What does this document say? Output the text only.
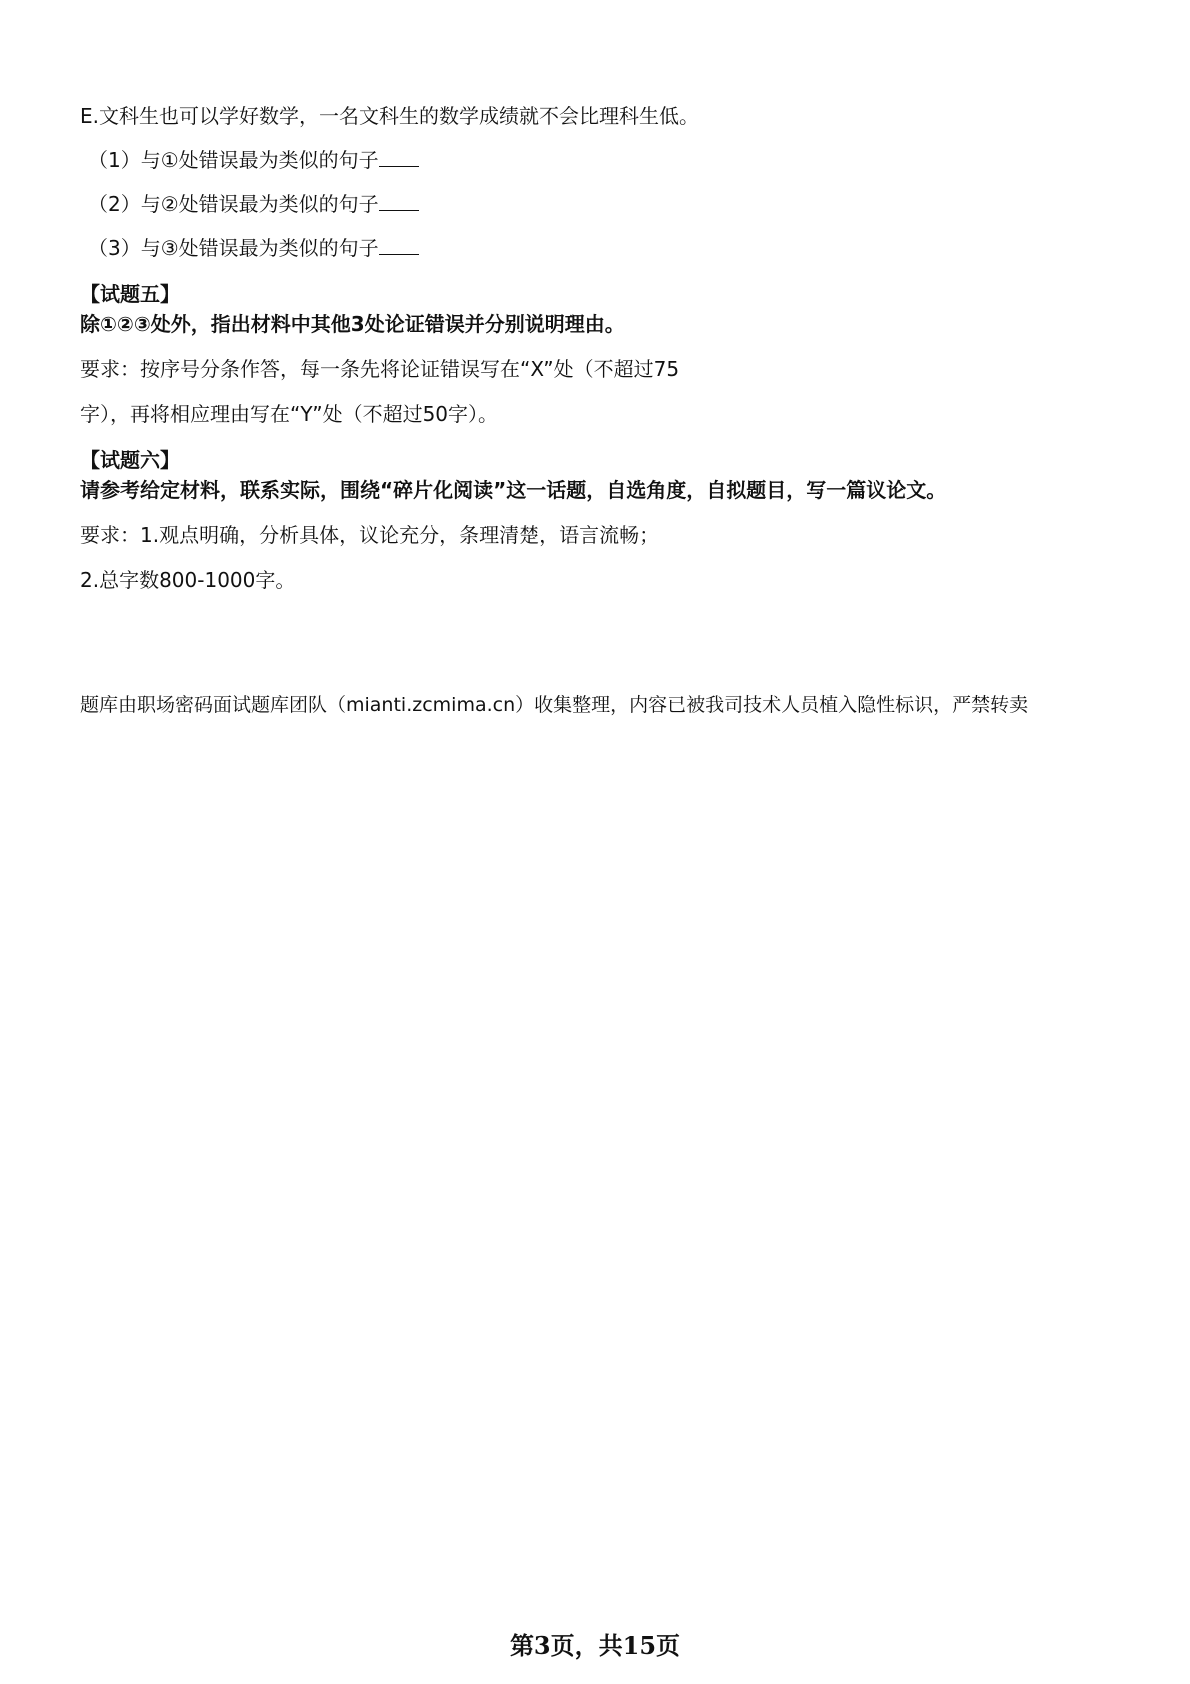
E.文科生也可以学好数学，一名文科生的数学成绩就不会比理科生低。
（1）与①处错误最为类似的句子
（2）与②处错误最为类似的句子
（3）与③处错误最为类似的句子
【试题五】
除①②③处外，指出材料中其他3处论证错误并分别说明理由。
要求：按序号分条作答，每一条先将论证错误写在“X”处（不超过75
字），再将相应理由写在“Y”处（不超过50字）。
【试题六】
请参考给定材料，联系实际，围绕“碎片化阅读”这一话题，自选角度，自拟题目，写一篇议论文。
要求：1.观点明确，分析具体，议论充分，条理清楚，语言流畅；
2.总字数800-1000字。
题库由职场密码面试题库团队（mianti.zcmima.cn）收集整理，内容已被我司技术人员植入隐性标识，严禁转卖
第3页，共15页
